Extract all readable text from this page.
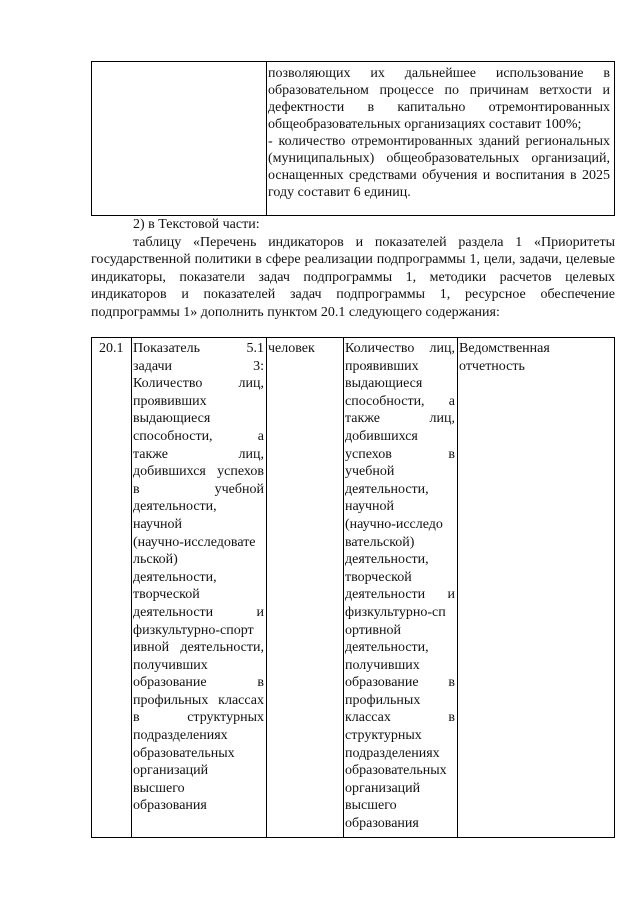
позволяющих их дальнейшее использование в образовательном процессе по причинам ветхости и дефектности в капитально отремонтированных общеобразовательных организациях составит 100%;

- количество отремонтированных зданий региональных (муниципальных) общеобразовательных организаций, оснащенных средствами обучения и воспитания в 2025 году составит 6 единиц.

2) в Текстовой части:

таблицу «Перечень индикаторов и показателей раздела 1 «Приоритеты государственной политики в сфере реализации подпрограммы 1, цели, задачи, целевые индикаторы, показатели задач подпрограммы 1, методики расчетов целевых индикаторов и показателей задач подпрограммы 1, ресурсное обеспечение подпрограммы 1» дополнить пунктом 20.1 следующего содержания:

20.1 Показатель 5.1
задачи 3:
Количество лиц,
проявивших
выдающиеся
способности, а
также лиц,
добившихся успехов
в учебной
деятельности,
научной
(научно-исследовате
льской)
деятельности,
творческой
деятельности и
физкультурно-спорт
ивной деятельности,
получивших
образование в
профильных классах
в структурных
подразделениях
образовательных
организаций
высшего
образования
человек	Количество лиц,
проявивших
выдающиеся
способности, а
также лиц,
добившихся
успехов в
учебной
деятельности,
научной
(научно-исследо
вательской)
деятельности,
творческой
деятельности и
физкультурно-сп
ортивной
деятельности,
получивших
образование в
профильных
классах в
структурных
подразделениях
образовательных
организаций
высшего
образования
Ведомственная
отчетность
